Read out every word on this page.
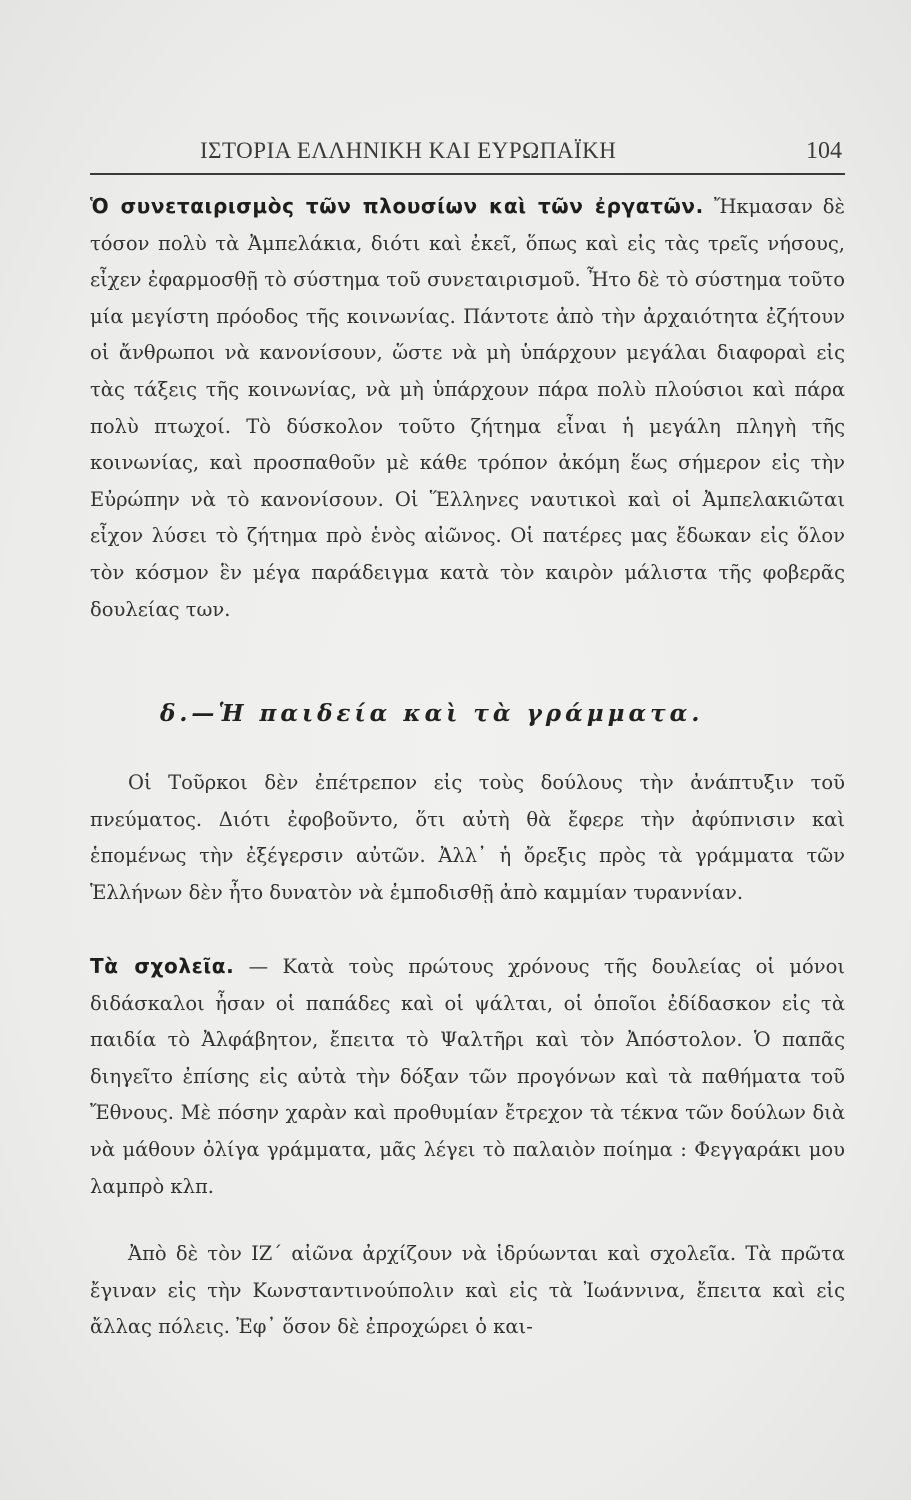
ΙΣΤΟΡΙΑ ΕΛΛΗΝΙΚΗ ΚΑΙ ΕΥΡΩΠΑΪΚΗ	104

Ὁ συνεταιρισμὸς τῶν πλουσίων καὶ τῶν ἐργατῶν. Ἤκμασαν δὲ τόσον πολὺ τὰ Ἀμπελάκια, διότι καὶ ἐκεῖ, ὅπως καὶ εἰς τὰς τρεῖς νήσους, εἶχεν ἐφαρμοσθῇ τὸ σύστημα τοῦ συνεταιρισμοῦ. Ἦτο δὲ τὸ σύστημα τοῦτο μία μεγίστη πρόοδος τῆς κοινωνίας. Πάντοτε ἀπὸ τὴν ἀρχαιότητα ἐζήτουν οἱ ἄνθρωποι νὰ κανονίσουν, ὥστε νὰ μὴ ὑπάρχουν μεγάλαι διαφοραὶ εἰς τὰς τάξεις τῆς κοινωνίας, νὰ μὴ ὑπάρχουν πάρα πολὺ πλούσιοι καὶ πάρα πολὺ πτωχοί. Τὸ δύσκολον τοῦτο ζήτημα εἶναι ἡ μεγάλη πληγὴ τῆς κοινωνίας, καὶ προσπαθοῦν μὲ κάθε τρόπον ἀκόμη ἕως σήμερον εἰς τὴν Εὐρώπην νὰ τὸ κανονίσουν. Οἱ Ἕλληνες ναυτικοὶ καὶ οἱ Ἀμπελακιῶται εἶχον λύσει τὸ ζήτημα πρὸ ἑνὸς αἰῶνος. Οἱ πατέρες μας ἔδωκαν εἰς ὅλον τὸν κόσμον ἓν μέγα παράδειγμα κατὰ τὸν καιρὸν μάλιστα τῆς φοβερᾶς δουλείας των.

δ.—Ἡ παιδεία καὶ τὰ γράμματα.

Οἱ Τοῦρκοι δὲν ἐπέτρεπον εἰς τοὺς δούλους τὴν ἀνάπτυξιν τοῦ πνεύματος. Διότι ἐφοβοῦντο, ὅτι αὐτὴ θὰ ἔφερε τὴν ἀφύπνισιν καὶ ἑπομένως τὴν ἐξέγερσιν αὐτῶν. Ἀλλ᾽ ἡ ὄρεξις πρὸς τὰ γράμματα τῶν Ἑλλήνων δὲν ἦτο δυνατὸν νὰ ἐμποδισθῇ ἀπὸ καμμίαν τυραννίαν.

Τὰ σχολεῖα. — Κατὰ τοὺς πρώτους χρόνους τῆς δουλείας οἱ μόνοι διδάσκαλοι ἦσαν οἱ παπάδες καὶ οἱ ψάλται, οἱ ὁποῖοι ἐδίδασκον εἰς τὰ παιδία τὸ Ἀλφάβητον, ἔπειτα τὸ Ψαλτῆρι καὶ τὸν Ἀπόστολον. Ὁ παπᾶς διηγεῖτο ἐπίσης εἰς αὐτὰ τὴν δόξαν τῶν προγόνων καὶ τὰ παθήματα τοῦ Ἔθνους. Μὲ πόσην χαρὰν καὶ προθυμίαν ἔτρεχον τὰ τέκνα τῶν δούλων διὰ νὰ μάθουν ὀλίγα γράμματα, μᾶς λέγει τὸ παλαιὸν ποίημα : Φεγγαράκι μου λαμπρὸ κλπ.

Ἀπὸ δὲ τὸν ΙΖ´ αἰῶνα ἀρχίζουν νὰ ἱδρύωνται καὶ σχολεῖα. Τὰ πρῶτα ἔγιναν εἰς τὴν Κωνσταντινούπολιν καὶ εἰς τὰ Ἰωάννινα, ἔπειτα καὶ εἰς ἄλλας πόλεις. Ἐφ᾽ ὅσον δὲ ἐπροχώρει ὁ και-
